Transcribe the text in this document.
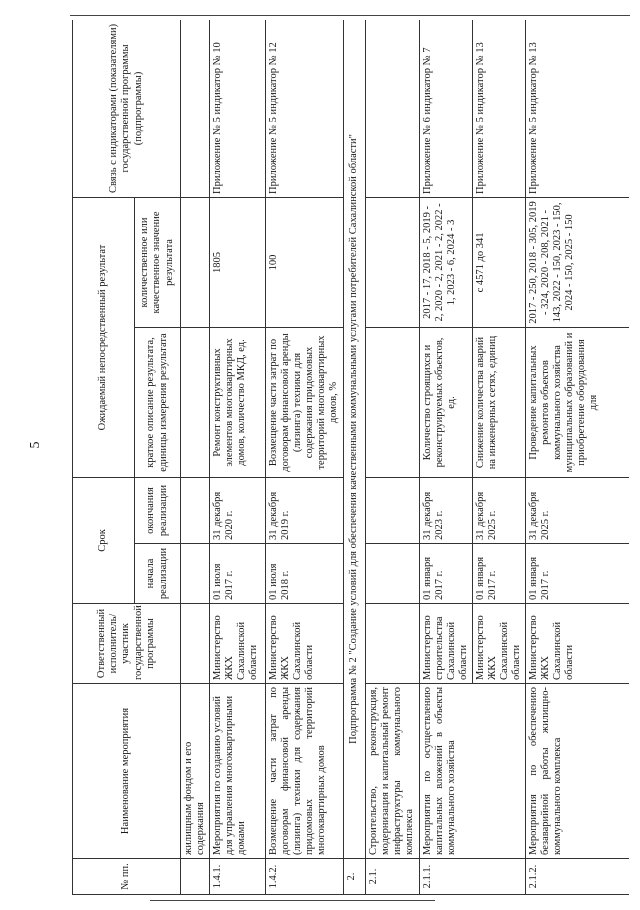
5
№ пп.	Наименование мероприятия	Ответственный исполнитель/участник государственной программы	Срок		Ожидаемый непосредственный результат		Связь с индикаторами (показателями) государственной программы (подпрограммы)
			начала реализации	окончания реализации	краткое описание результата, единицы измерения результата	количественное или качественное значение результата	
	жилищным фондом и его содержания						
1.4.1.	Мероприятия по созданию условий для управления многоквартирными домами	Министерство ЖКХ Сахалинской области	01 июля 2017 г.	31 декабря 2020 г.	Ремонт конструктивных элементов многоквартирных домов, количество МКД, ед.	1805	Приложение № 5 индикатор № 10
1.4.2.	Возмещение части затрат по договорам финансовой аренды (лизинга) техники для содержания придомовых территорий многоквартирных домов	Министерство ЖКХ Сахалинской области	01 июля 2018 г.	31 декабря 2019 г.	Возмещение части затрат по договорам финансовой аренды (лизинга) техники для содержания придомовых территорий многоквартирных домов, %	100	Приложение № 5 индикатор № 12
2.	Подпрограмма № 2 "Создание условий для обеспечения качественными коммунальными услугами потребителей Сахалинской области"						
2.1.	Строительство, реконструкция, модернизация и капитальный ремонт инфраструктуры коммунального комплекса						
2.1.1.	Мероприятия по осуществлению капитальных вложений в объекты коммунального хозяйства	Министерство строительства Сахалинской области	01 января 2017 г.	31 декабря 2023 г.	Количество строящихся и реконструируемых объектов, ед.	2017 - 17, 2018 - 5, 2019 - 2, 2020 - 2, 2021 - 2, 2022 - 1, 2023 - 6, 2024 - 3	Приложение № 6 индикатор № 7
		Министерство ЖКХ Сахалинской области	01 января 2017 г.	31 декабря 2025 г.	Снижение количества аварий на инженерных сетях, единиц	с 4571 до 341	Приложение № 5 индикатор № 13
2.1.2.	Мероприятия по обеспечению безаварийной работы жилищно-коммунального комплекса	Министерство ЖКХ Сахалинской области	01 января 2017 г.	31 декабря 2025 г.	Проведение капитальных ремонтов объектов коммунального хозяйства муниципальных образований и приобретение оборудования для	2017 - 250, 2018 - 305, 2019 - 324, 2020 - 208, 2021 - 143, 2022 - 150, 2023 - 150, 2024 - 150, 2025 - 150	Приложение № 5 индикатор № 13
